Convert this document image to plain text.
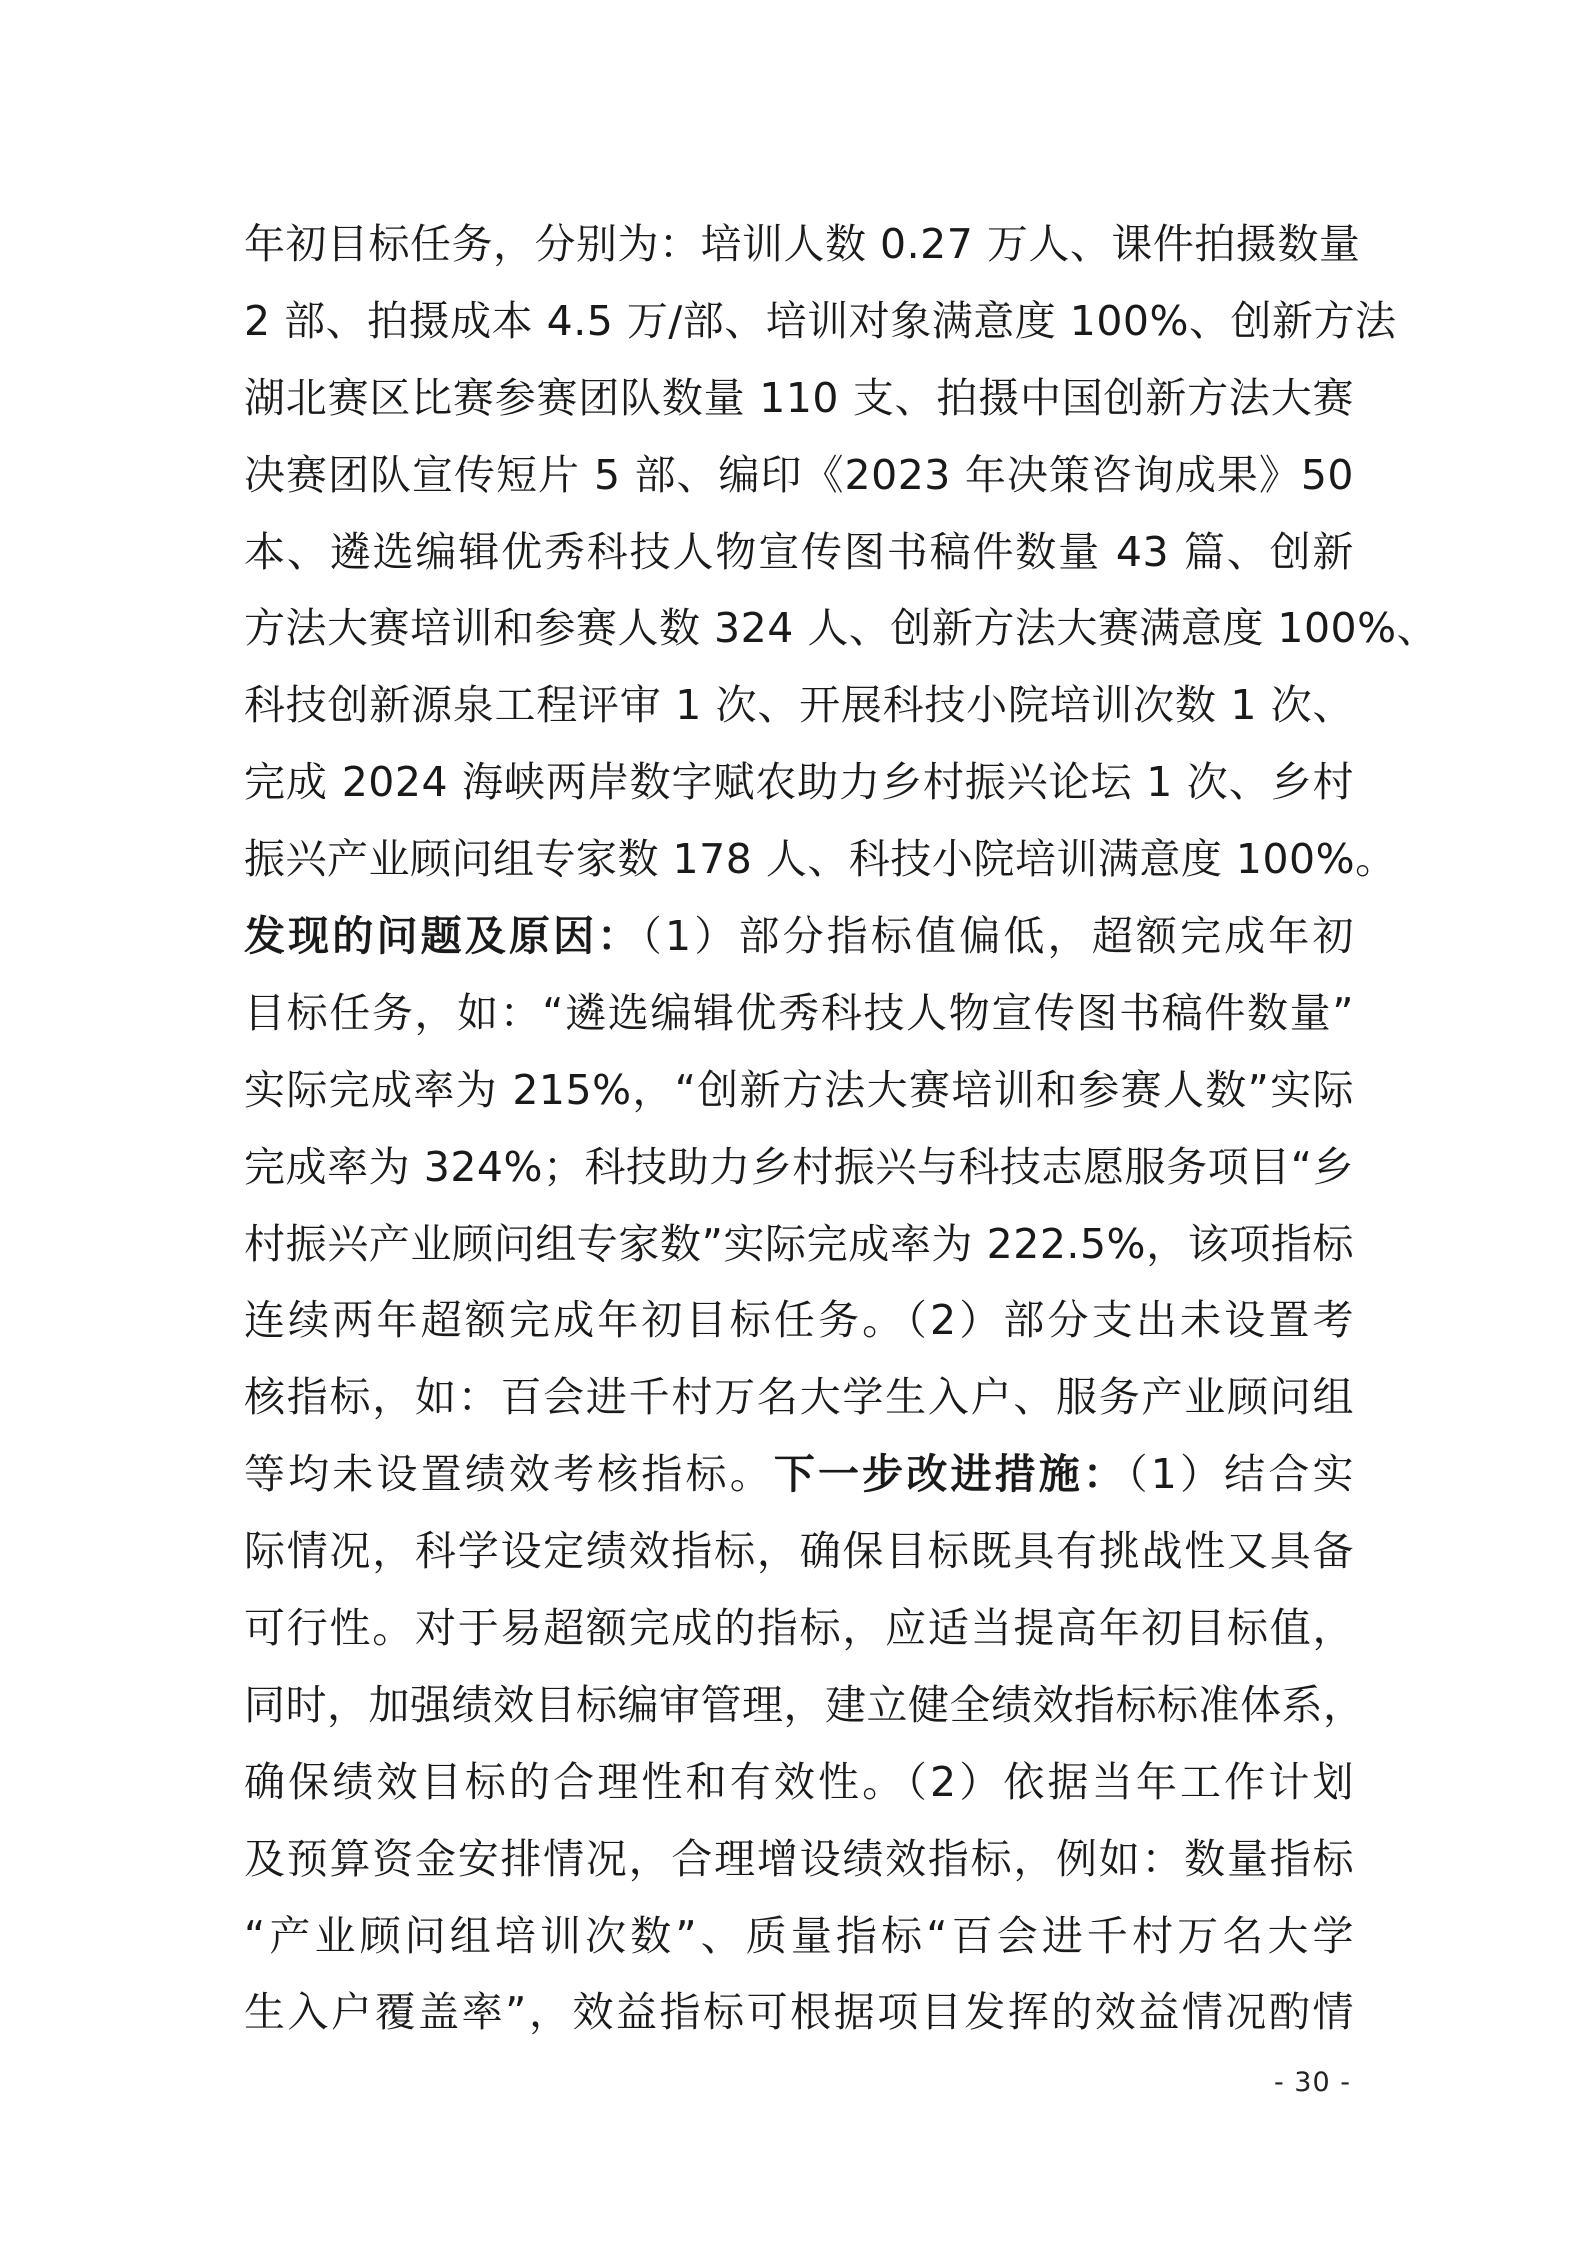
年初目标任务，分别为：培训人数 0.27 万人、课件拍摄数量
2 部、拍摄成本 4.5 万/部、培训对象满意度 100%、创新方法
湖北赛区比赛参赛团队数量 110 支、拍摄中国创新方法大赛
决赛团队宣传短片 5 部、编印《2023 年决策咨询成果》50
本、遴选编辑优秀科技人物宣传图书稿件数量 43 篇、创新
方法大赛培训和参赛人数 324 人、创新方法大赛满意度 100%、
科技创新源泉工程评审 1 次、开展科技小院培训次数 1 次、
完成 2024 海峡两岸数字赋农助力乡村振兴论坛 1 次、乡村
振兴产业顾问组专家数 178 人、科技小院培训满意度 100%。
发现的问题及原因：（1）部分指标值偏低，超额完成年初
目标任务，如：“遴选编辑优秀科技人物宣传图书稿件数量”
实际完成率为 215%，“创新方法大赛培训和参赛人数”实际
完成率为 324%；科技助力乡村振兴与科技志愿服务项目“乡
村振兴产业顾问组专家数”实际完成率为 222.5%，该项指标
连续两年超额完成年初目标任务。（2）部分支出未设置考
核指标，如：百会进千村万名大学生入户、服务产业顾问组
等均未设置绩效考核指标。下一步改进措施：（1）结合实
际情况，科学设定绩效指标，确保目标既具有挑战性又具备
可行性。对于易超额完成的指标，应适当提高年初目标值，
同时，加强绩效目标编审管理，建立健全绩效指标标准体系，
确保绩效目标的合理性和有效性。（2）依据当年工作计划
及预算资金安排情况，合理增设绩效指标，例如：数量指标
“产业顾问组培训次数”、质量指标“百会进千村万名大学
生入户覆盖率”，效益指标可根据项目发挥的效益情况酌情
- 30 -
